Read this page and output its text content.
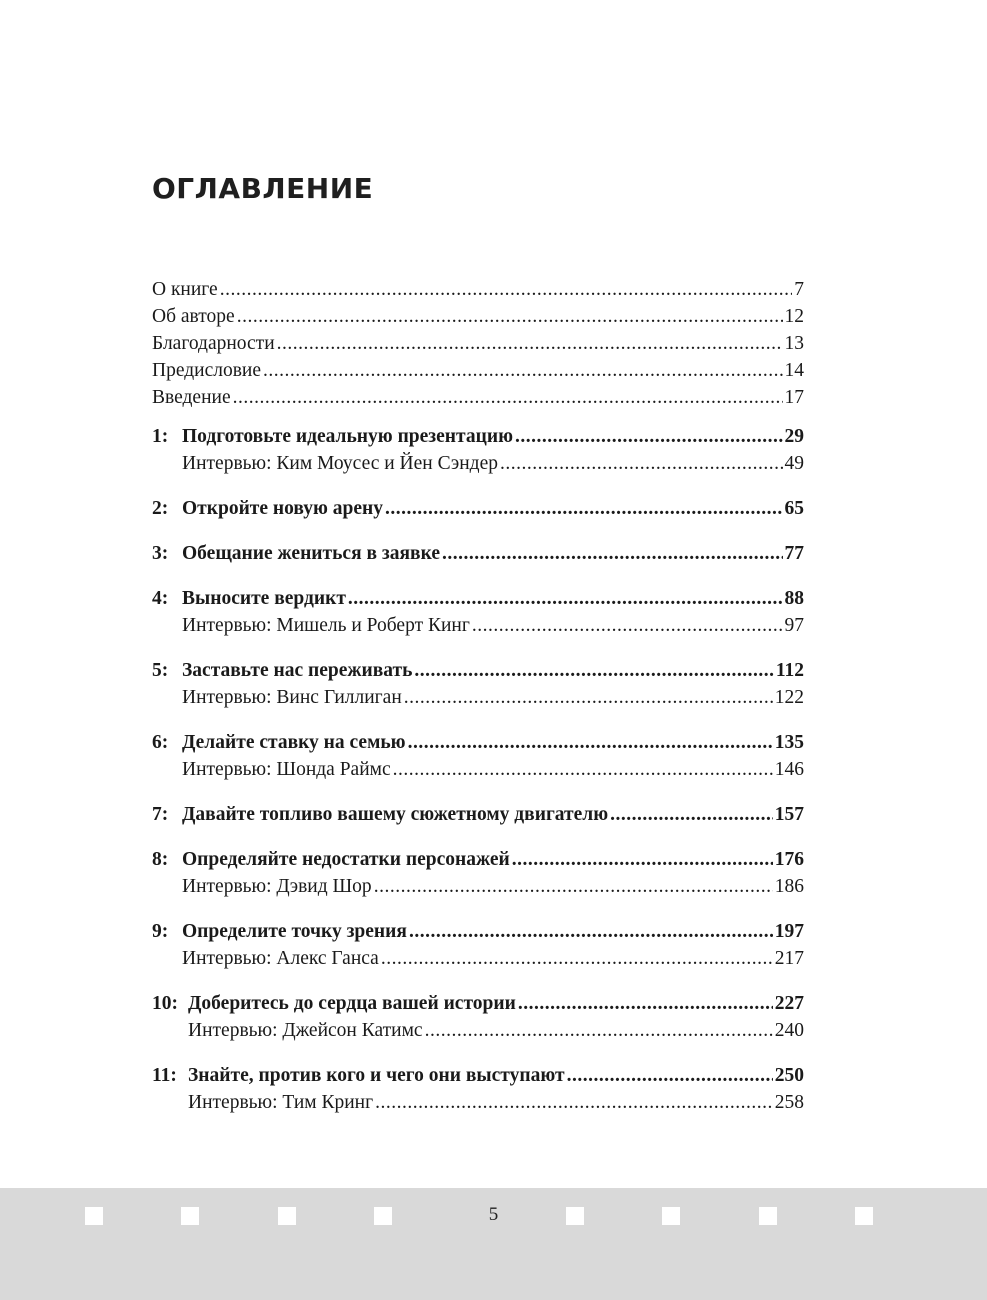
ОГЛАВЛЕНИЕ
О книге .....	7
Об авторе .....	12
Благодарности .....	13
Предисловие .....	14
Введение .....	17
1: Подготовьте идеальную презентацию .....	29
Интервью: Ким Моусес и Йен Сэндер .....	49
2: Откройте новую арену .....	65
3: Обещание жениться в заявке .....	77
4: Выносите вердикт .....	88
Интервью: Мишель и Роберт Кинг .....	97
5: Заставьте нас переживать .....	112
Интервью: Винс Гиллиган .....	122
6: Делайте ставку на семью .....	135
Интервью: Шонда Раймс .....	146
7: Давайте топливо вашему сюжетному двигателю .....	157
8: Определяйте недостатки персонажей .....	176
Интервью: Дэвид Шор .....	186
9: Определите точку зрения .....	197
Интервью: Алекс Ганса .....	217
10: Доберитесь до сердца вашей истории .....	227
Интервью: Джейсон Катимс .....	240
11: Знайте, против кого и чего они выступают .....	250
Интервью: Тим Кринг .....	258
5
